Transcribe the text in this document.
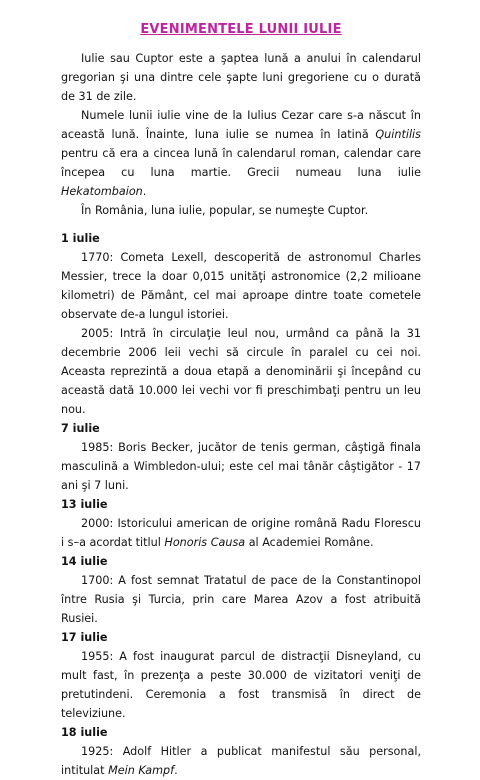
EVENIMENTELE LUNII IULIE

Iulie sau Cuptor este a şaptea lună a anului în calendarul gregorian şi una dintre cele şapte luni gregoriene cu o durată de 31 de zile.

Numele lunii iulie vine de la Iulius Cezar care s-a născut în această lună. Înainte, luna iulie se numea în latină Quintilis pentru că era a cincea lună în calendarul roman, calendar care începea cu luna martie. Grecii numeau luna iulie Hekatombaion.

În România, luna iulie, popular, se numeşte Cuptor.

1 iulie

1770: Cometa Lexell, descoperită de astronomul Charles Messier, trece la doar 0,015 unităţi astronomice (2,2 milioane kilometri) de Pământ, cel mai aproape dintre toate cometele observate de-a lungul istoriei.

2005: Intră în circulaţie leul nou, urmând ca până la 31 decembrie 2006 leii vechi să circule în paralel cu cei noi. Aceasta reprezintă a doua etapă a denominării şi începând cu această dată 10.000 lei vechi vor fi preschimbaţi pentru un leu nou.

7 iulie

1985: Boris Becker, jucător de tenis german, câştigă finala masculină a Wimbledon-ului; este cel mai tânăr câştigător - 17 ani şi 7 luni.

13 iulie

2000: Istoricului american de origine română Radu Florescu i s–a acordat titlul Honoris Causa al Academiei Române.

14 iulie

1700: A fost semnat Tratatul de pace de la Constantinopol între Rusia şi Turcia, prin care Marea Azov a fost atribuită Rusiei.

17 iulie

1955: A fost inaugurat parcul de distracţii Disneyland, cu mult fast, în prezenţa a peste 30.000 de vizitatori veniţi de pretutindeni. Ceremonia a fost transmisă în direct de televiziune.

18 iulie

1925: Adolf Hitler a publicat manifestul său personal, intitulat Mein Kampf.
